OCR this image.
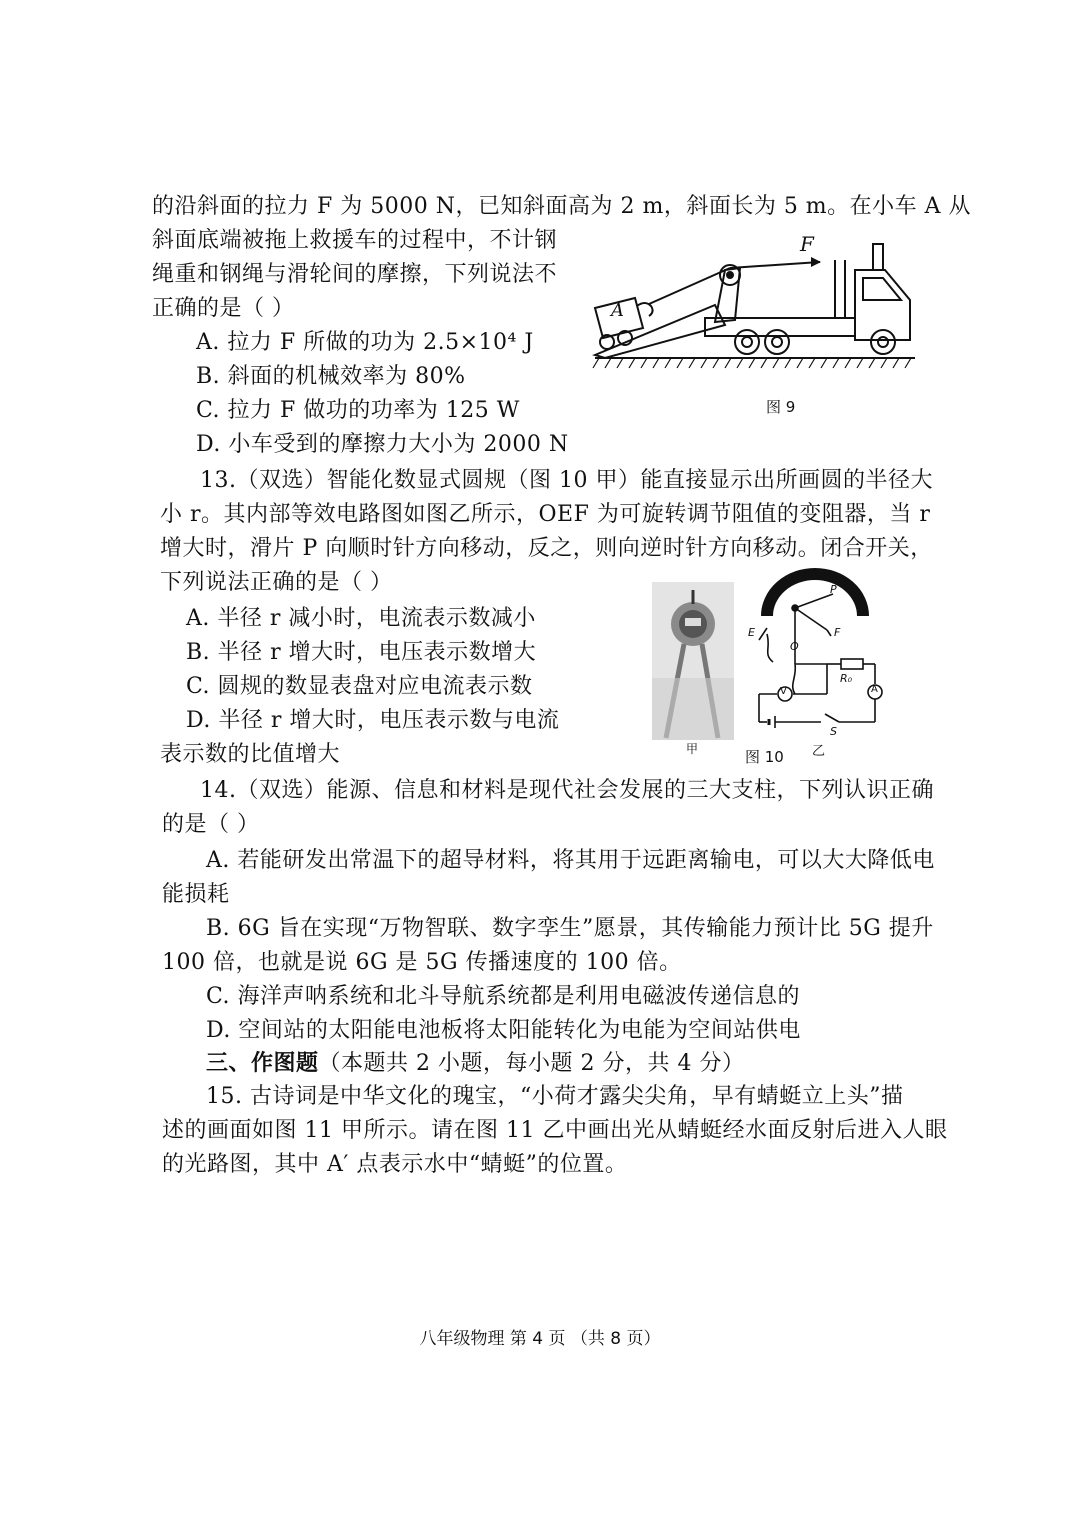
的沿斜面的拉力 F 为 5000 N，已知斜面高为 2 m，斜面长为 5 m。在小车 A 从
斜面底端被拖上救援车的过程中，不计钢
绳重和钢绳与滑轮间的摩擦，下列说法不
正确的是（ ）
A. 拉力 F 所做的功为 2.5×10⁴ J
B. 斜面的机械效率为 80%
C. 拉力 F 做功的功率为 125 W
D. 小车受到的摩擦力大小为 2000 N
F
A
图 9
13.（双选）智能化数显式圆规（图 10 甲）能直接显示出所画圆的半径大
小 r。其内部等效电路图如图乙所示，OEF 为可旋转调节阻值的变阻器，当 r
增大时，滑片 P 向顺时针方向移动，反之，则向逆时针方向移动。闭合开关，
下列说法正确的是（ ）
A. 半径 r 减小时，电流表示数减小
B. 半径 r 增大时，电压表示数增大
C. 圆规的数显表盘对应电流表示数
D. 半径 r 增大时，电压表示数与电流
表示数的比值增大	甲
P
E	F
O
R₀
V	A
S
图 10 乙
14.（双选）能源、信息和材料是现代社会发展的三大支柱，下列认识正确
的是（ ）
A. 若能研发出常温下的超导材料，将其用于远距离输电，可以大大降低电
能损耗
B. 6G 旨在实现“万物智联、数字孪生”愿景，其传输能力预计比 5G 提升
100 倍，也就是说 6G 是 5G 传播速度的 100 倍。
C. 海洋声呐系统和北斗导航系统都是利用电磁波传递信息的
D. 空间站的太阳能电池板将太阳能转化为电能为空间站供电
三、作图题（本题共 2 小题，每小题 2 分，共 4 分）
15. 古诗词是中华文化的瑰宝，“小荷才露尖尖角，早有蜻蜓立上头”描
述的画面如图 11 甲所示。请在图 11 乙中画出光从蜻蜓经水面反射后进入人眼
的光路图，其中 A′ 点表示水中“蜻蜓”的位置。
八年级物理 第 4 页 （共 8 页）
